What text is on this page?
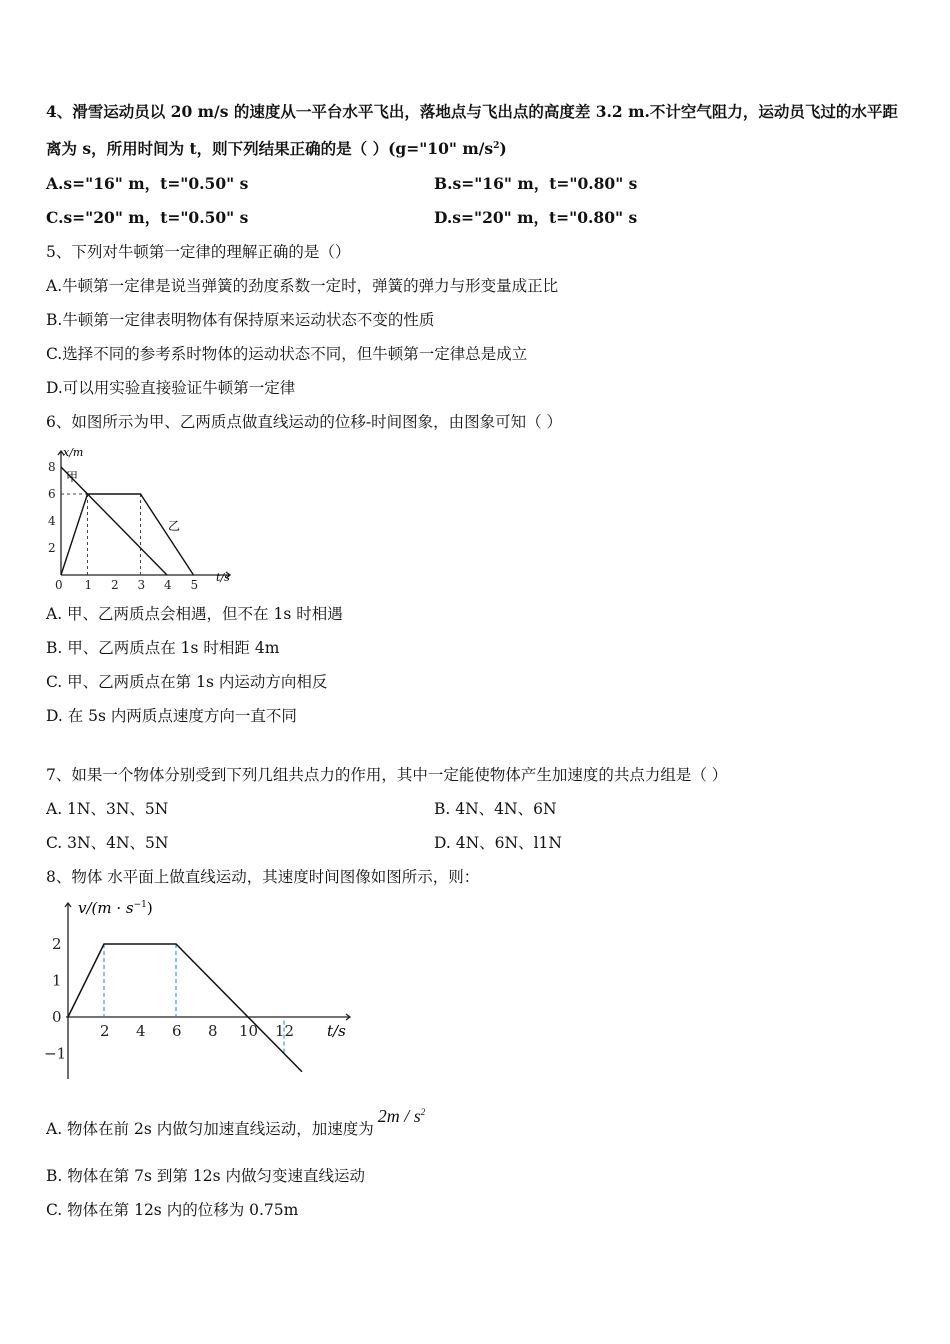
4、滑雪运动员以 20 m/s 的速度从一平台水平飞出，落地点与飞出点的高度差 3.2 m.不计空气阻力，运动员飞过的水平距
离为 s，所用时间为 t，则下列结果正确的是（ ）(g="10" $m/s^2$)
A.s="16" m，t="0.50" s	B.s="16" m，t="0.80" s
C.s="20" m，t="0.50" s	D.s="20" m，t="0.80" s
5、下列对牛顿第一定律的理解正确的是（）
A.牛顿第一定律是说当弹簧的劲度系数一定时，弹簧的弹力与形变量成正比
B.牛顿第一定律表明物体有保持原来运动状态不变的性质
C.选择不同的参考系时物体的运动状态不同，但牛顿第一定律总是成立
D.可以用实验直接验证牛顿第一定律
6、如图所示为甲、乙两质点做直线运动的位移-时间图象，由图象可知（ ）
8
6
4
2
0 1 2 3 4 5
x/m
t/s
甲
乙
A. 甲、乙两质点会相遇，但不在 1s 时相遇
B. 甲、乙两质点在 1s 时相距 4m
C. 甲、乙两质点在第 1s 内运动方向相反
D. 在 5s 内两质点速度方向一直不同
7、如果一个物体分别受到下列几组共点力的作用，其中一定能使物体产生加速度的共点力组是（ ）
A. 1N、3N、5N	B. 4N、4N、6N
C. 3N、4N、5N	D. 4N、6N、l1N
8、物体 水平面上做直线运动，其速度时间图像如图所示，则：
2
1
0
−1
2 4 6 8 10 12
$v/(m \cdot s^{-1})$
t/s
A. 物体在前 2s 内做匀加速直线运动，加速度为$2m / s^2$
B. 物体在第 7s 到第 12s 内做匀变速直线运动
C. 物体在第 12s 内的位移为 0.75m
